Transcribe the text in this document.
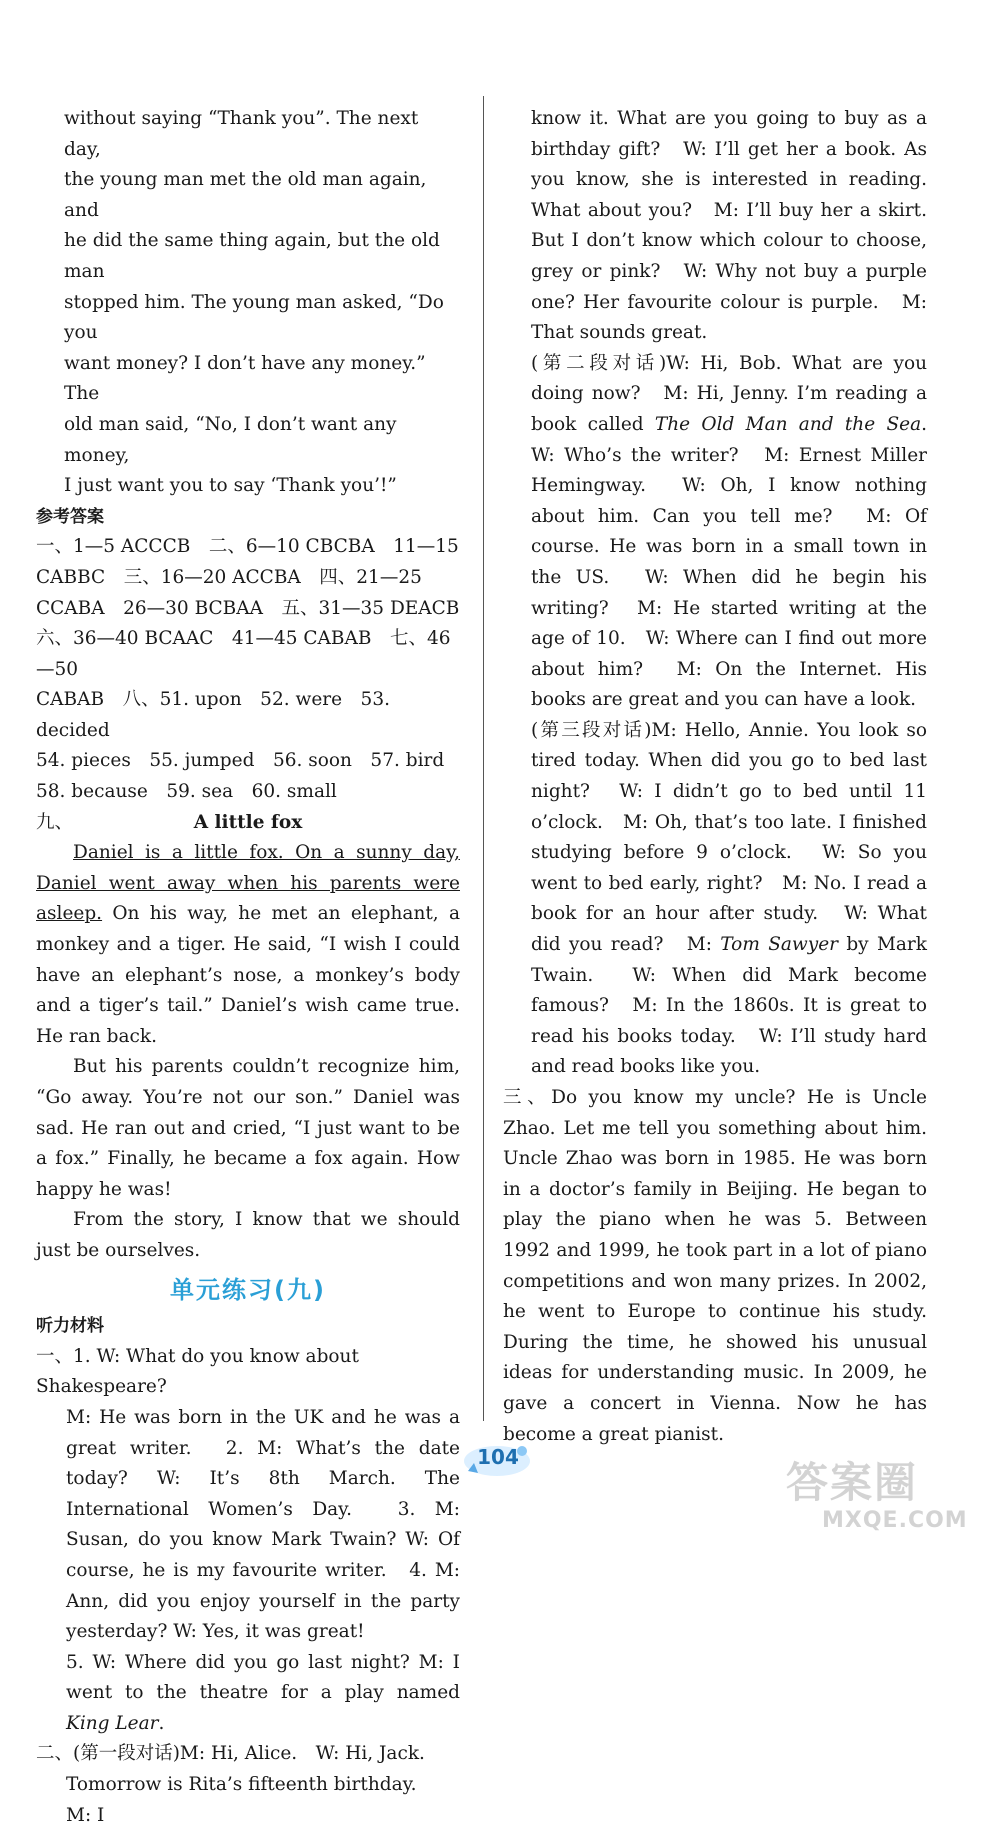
without saying “Thank you”. The next day,

the young man met the old man again, and

he did the same thing again, but the old man

stopped him. The young man asked, “Do you

want money? I don’t have any money.” The

old man said, “No, I don’t want any money,

I just want you to say ‘Thank you’!”

参考答案

一、1—5 ACCCB　二、6—10 CBCBA　11—15

CABBC　三、16—20 ACCBA　四、21—25

CCABA　26—30 BCBAA　五、31—35 DEACB

六、36—40 BCAAC　41—45 CABAB　七、46—50

CABAB　八、51. upon　52. were　53. decided

54. pieces　55. jumped　56. soon　57. bird

58. because　59. sea　60. small

九、	A little fox

Daniel is a little fox. On a sunny day, Daniel went away when his parents were asleep. On his way, he met an elephant, a monkey and a tiger. He said, “I wish I could have an elephant’s nose, a monkey’s body and a tiger’s tail.” Daniel’s wish came true. He ran back.

But his parents couldn’t recognize him, “Go away. You’re not our son.” Daniel was sad. He ran out and cried, “I just want to be a fox.” Finally, he became a fox again. How happy he was!

From the story, I know that we should just be ourselves.

单元练习(九)

听力材料

一、1. W: What do you know about Shakespeare?

M: He was born in the UK and he was a great writer.　2. M: What’s the date today? W: It’s 8th March. The International Women’s Day.　3. M: Susan, do you know Mark Twain? W: Of course, he is my favourite writer.　4. M: Ann, did you enjoy yourself in the party yesterday? W: Yes, it was great!

5. W: Where did you go last night? M: I went to the theatre for a play named King Lear.

二、(第一段对话)M: Hi, Alice.　W: Hi, Jack.

Tomorrow is Rita’s fifteenth birthday.　M: I

know it. What are you going to buy as a birthday gift?　W: I’ll get her a book. As you know, she is interested in reading. What about you?　M: I’ll buy her a skirt. But I don’t know which colour to choose, grey or pink?　W: Why not buy a purple one? Her favourite colour is purple.　M: That sounds great.

(第二段对话)W: Hi, Bob. What are you doing now?　M: Hi, Jenny. I’m reading a book called The Old Man and the Sea.　W: Who’s the writer?　M: Ernest Miller Hemingway.　W: Oh, I know nothing about him. Can you tell me?　M: Of course. He was born in a small town in the US.　W: When did he begin his writing?　M: He started writing at the age of 10.　W: Where can I find out more about him?　M: On the Internet. His books are great and you can have a look.

(第三段对话)M: Hello, Annie. You look so tired today. When did you go to bed last night?　W: I didn’t go to bed until 11 o’clock.　M: Oh, that’s too late. I finished studying before 9 o’clock.　W: So you went to bed early, right?　M: No. I read a book for an hour after study.　W: What did you read?　M: Tom Sawyer by Mark Twain.　W: When did Mark become famous?　M: In the 1860s. It is great to read his books today.　W: I’ll study hard and read books like you.

三、Do you know my uncle? He is Uncle Zhao. Let me tell you something about him. Uncle Zhao was born in 1985. He was born in a doctor’s family in Beijing. He began to play the piano when he was 5. Between 1992 and 1999, he took part in a lot of piano competitions and won many prizes. In 2002, he went to Europe to continue his study. During the time, he showed his unusual ideas for understanding music. In 2009, he gave a concert in Vienna. Now he has become a great pianist.

104
答案圈
MXQE.COM
